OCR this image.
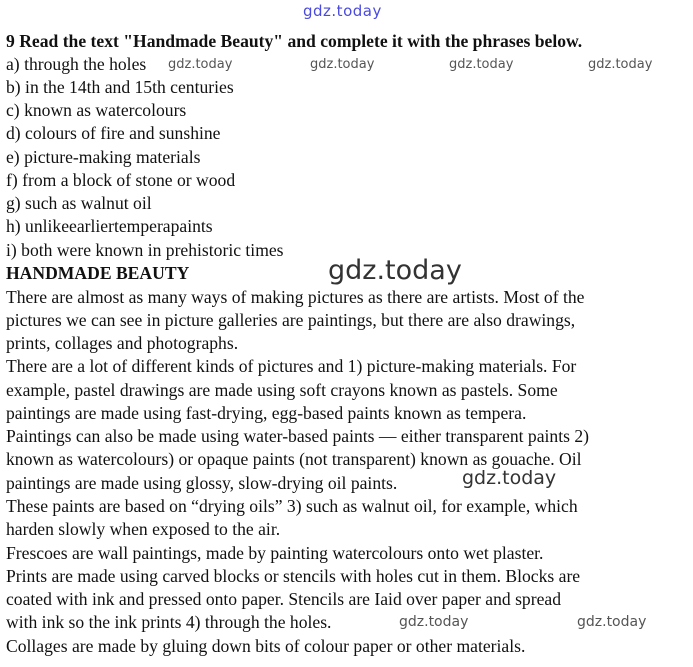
gdz.today
gdz.today	gdz.today	gdz.today	gdz.today
gdz.today
gdz.today
gdz.today	gdz.today
9 Read the text "Handmade Beauty" and complete it with the phrases below.
a) through the holes
b) in the 14th and 15th centuries
c) known as watercolours
d) colours of fire and sunshine
e) picture-making materials
f) from a block of stone or wood
g) such as walnut oil
h) unlikeearliertemperapaints
i) both were known in prehistoric times
HANDMADE BEAUTY
There are almost as many ways of making pictures as there are artists. Most of the
pictures we can see in picture galleries are paintings, but there are also drawings,
prints, collages and photographs.
There are a lot of different kinds of pictures and 1) picture-making materials. For
example, pastel drawings are made using soft crayons known as pastels. Some
paintings are made using fast-drying, egg-based paints known as tempera.
Paintings can also be made using water-based paints — either transparent paints 2)
known as watercolours) or opaque paints (not transparent) known as gouache. Oil
paintings are made using glossy, slow-drying oil paints.
These paints are based on “drying oils” 3) such as walnut oil, for example, which
harden slowly when exposed to the air.
Frescoes are wall paintings, made by painting watercolours onto wet plaster.
Prints are made using carved blocks or stencils with holes cut in them. Blocks are
coated with ink and pressed onto paper. Stencils are Iaid over paper and spread
with ink so the ink prints 4) through the holes.
Collages are made by gluing down bits of colour paper or other materials.
